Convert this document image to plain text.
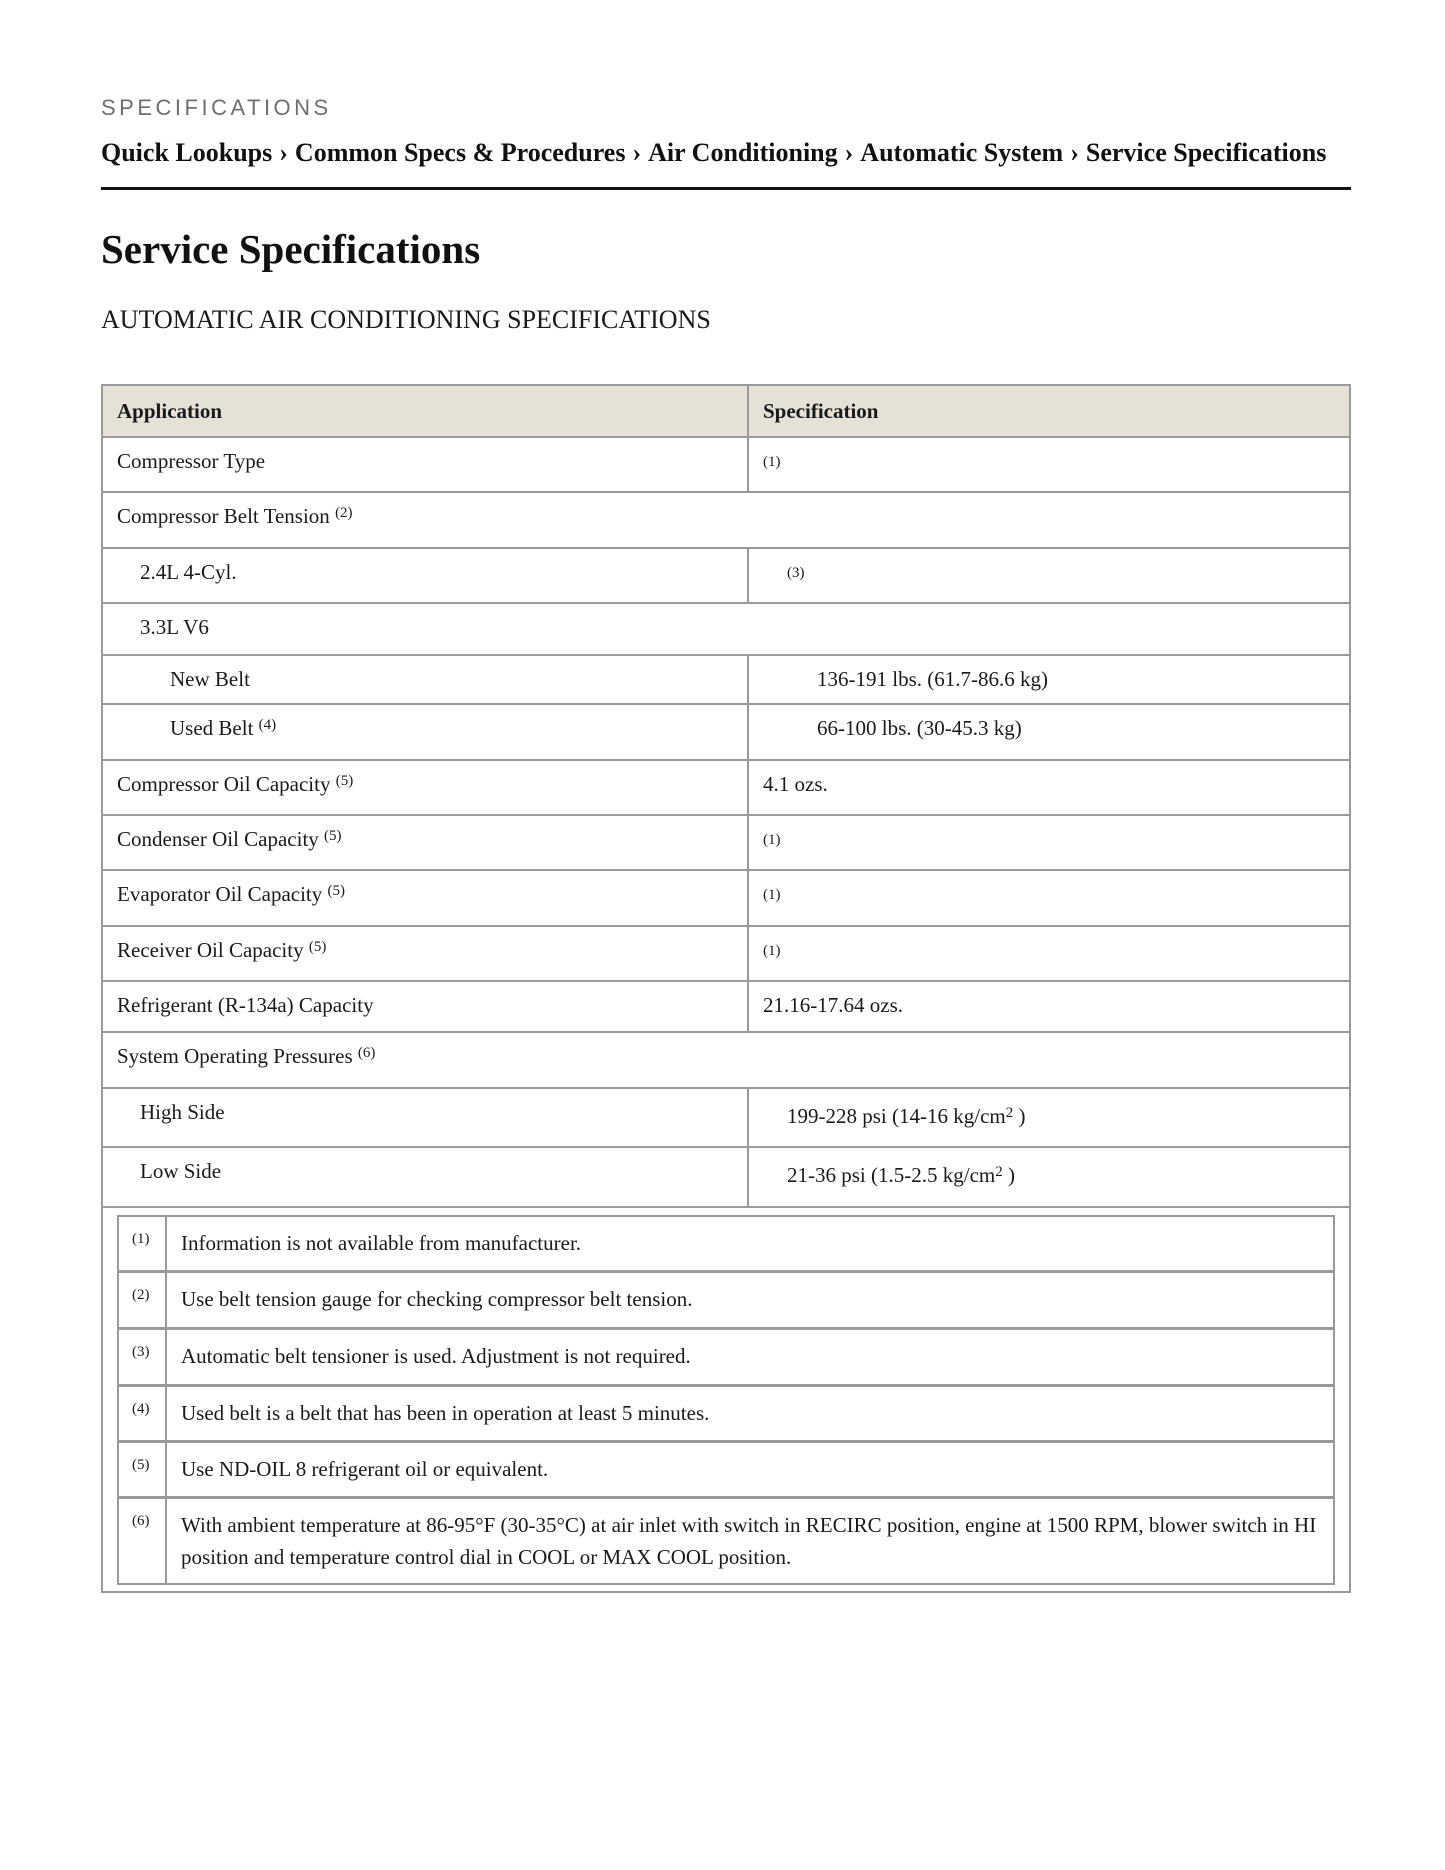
SPECIFICATIONS
Quick Lookups › Common Specs & Procedures › Air Conditioning › Automatic System › Service Specifications
Service Specifications
AUTOMATIC AIR CONDITIONING SPECIFICATIONS
Application	Specification
Compressor Type	(1)
Compressor Belt Tension $^{(2)}$
2.4L 4-Cyl.	(3)
3.3L V6
New Belt	136-191 lbs. (61.7-86.6 kg)
Used Belt $^{(4)}$	66-100 lbs. (30-45.3 kg)
Compressor Oil Capacity $^{(5)}$	4.1 ozs.
Condenser Oil Capacity $^{(5)}$	(1)
Evaporator Oil Capacity $^{(5)}$	(1)
Receiver Oil Capacity $^{(5)}$	(1)
Refrigerant (R-134a) Capacity	21.16-17.64 ozs.
System Operating Pressures $^{(6)}$
High Side	199-228 psi (14-16 $kg/cm^2$ )
Low Side	21-36 psi (1.5-2.5 $kg/cm^2$ )

(1)	Information is not available from manufacturer.
(2)	Use belt tension gauge for checking compressor belt tension.
(3)	Automatic belt tensioner is used. Adjustment is not required.
(4)	Used belt is a belt that has been in operation at least 5 minutes.
(5)	Use ND-OIL 8 refrigerant oil or equivalent.
(6)	With ambient temperature at 86-95°F (30-35°C) at air inlet with switch in RECIRC position, engine at 1500 RPM, blower switch in HI position and temperature control dial in COOL or MAX COOL position.
